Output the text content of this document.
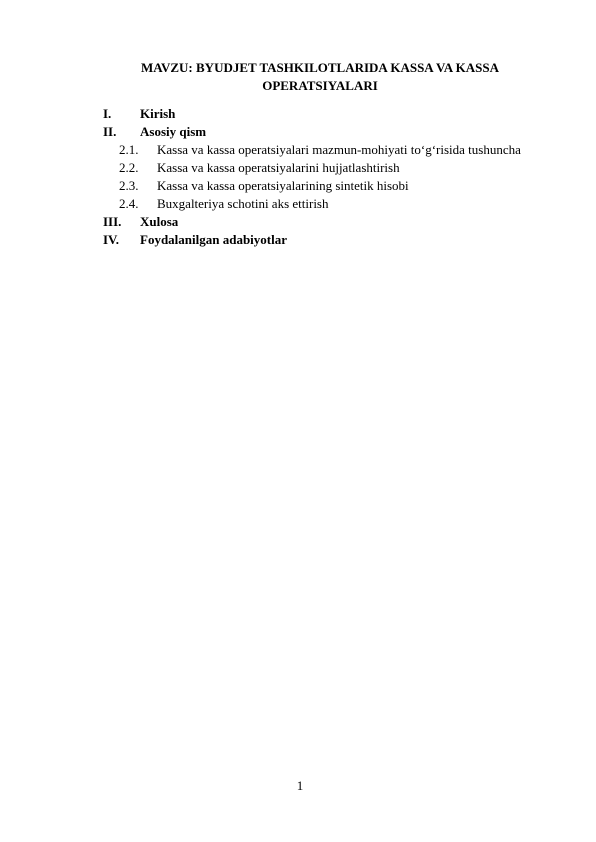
MAVZU: BYUDJET TASHKILOTLARIDA KASSA VA KASSA
OPERATSIYALARI
I. Kirish
II. Asosiy qism
2.1. Kassa va kassa operatsiyalari mazmun-mohiyati to‘g‘risida tushuncha
2.2. Kassa va kassa operatsiyalarini hujjatlashtirish
2.3. Kassa va kassa operatsiyalarining sintetik hisobi
2.4. Buxgalteriya schotini aks ettirish
III. Xulosa
IV. Foydalanilgan adabiyotlar
1
